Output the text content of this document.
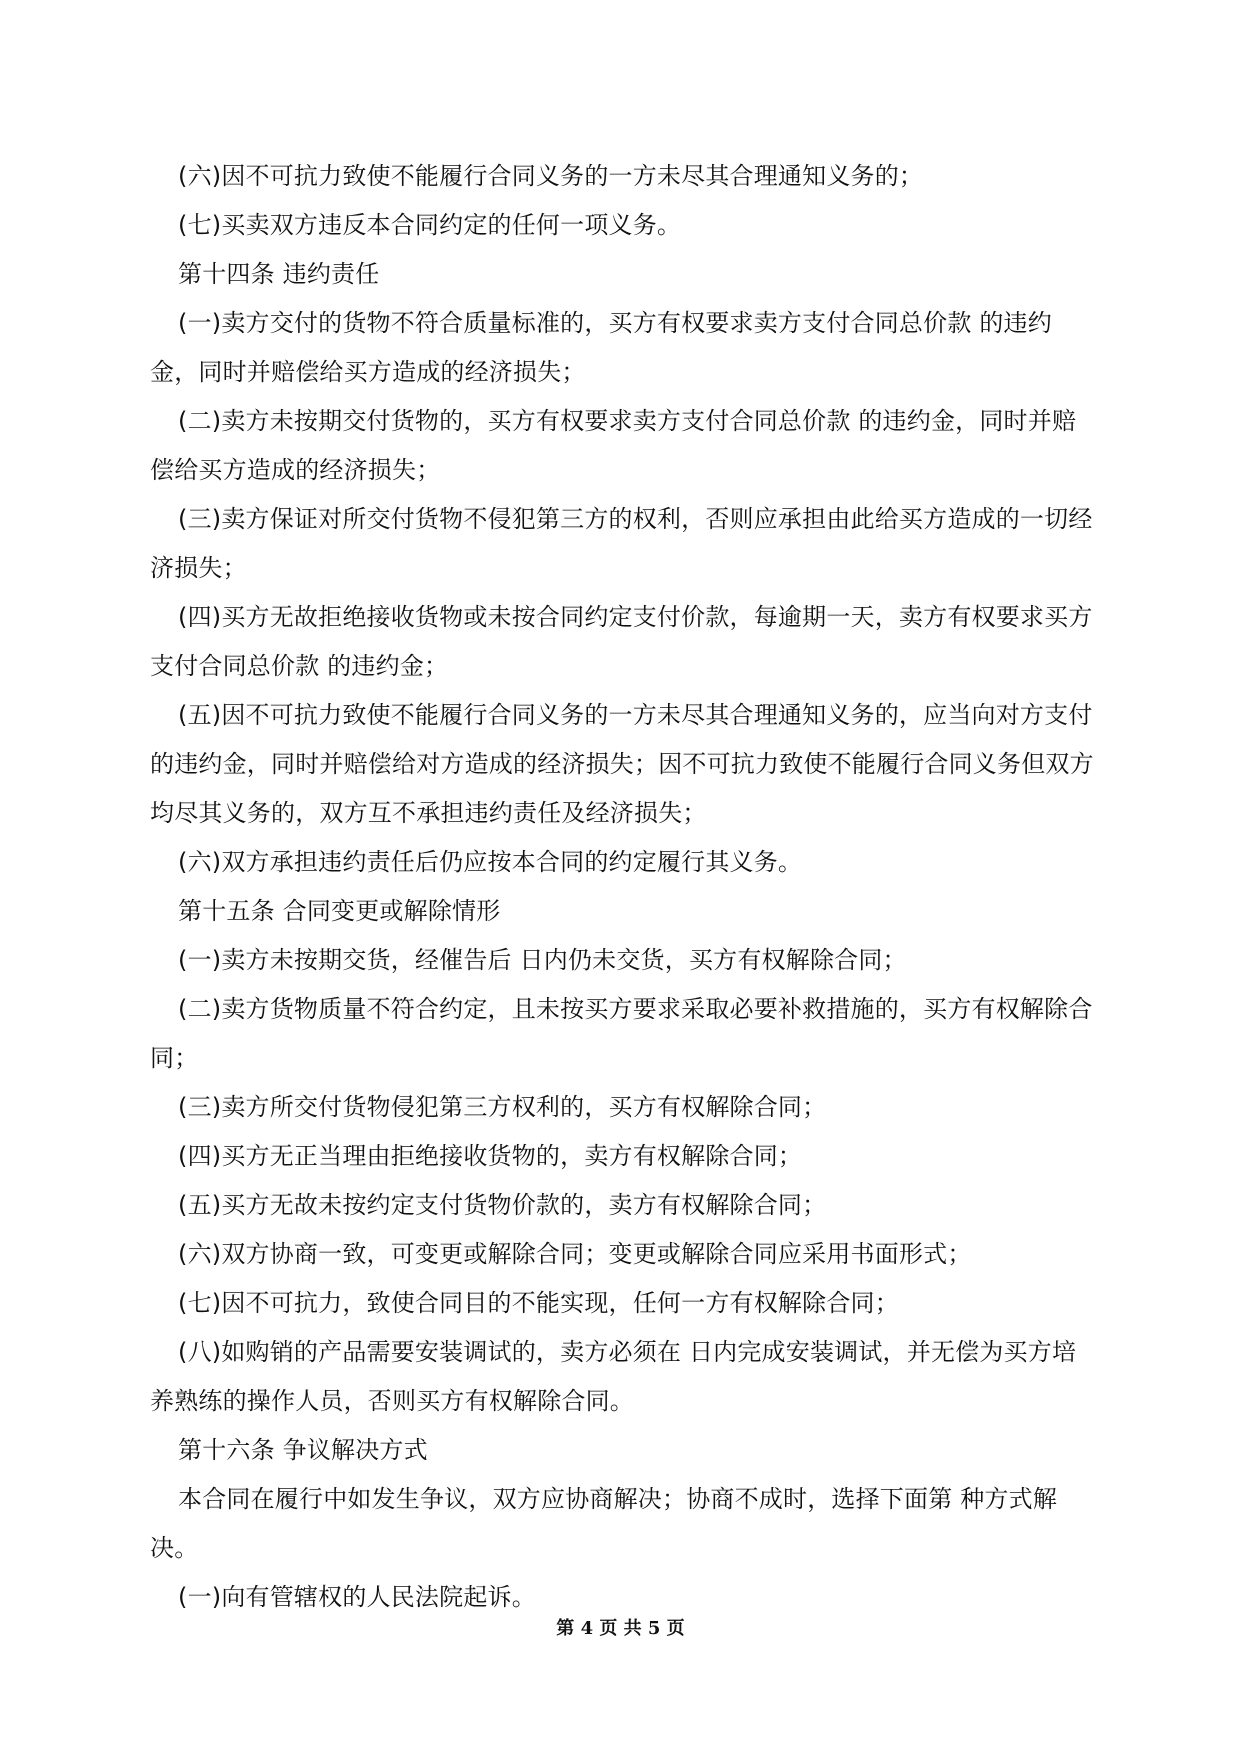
(六)因不可抗力致使不能履行合同义务的一方未尽其合理通知义务的；

(七)买卖双方违反本合同约定的任何一项义务。

第十四条 违约责任

(一)卖方交付的货物不符合质量标准的，买方有权要求卖方支付合同总价款 的违约金，同时并赔偿给买方造成的经济损失；

(二)卖方未按期交付货物的，买方有权要求卖方支付合同总价款 的违约金，同时并赔偿给买方造成的经济损失；

(三)卖方保证对所交付货物不侵犯第三方的权利，否则应承担由此给买方造成的一切经济损失；

(四)买方无故拒绝接收货物或未按合同约定支付价款，每逾期一天，卖方有权要求买方支付合同总价款 的违约金；

(五)因不可抗力致使不能履行合同义务的一方未尽其合理通知义务的，应当向对方支付 的违约金，同时并赔偿给对方造成的经济损失；因不可抗力致使不能履行合同义务但双方均尽其义务的，双方互不承担违约责任及经济损失；

(六)双方承担违约责任后仍应按本合同的约定履行其义务。

第十五条 合同变更或解除情形

(一)卖方未按期交货，经催告后 日内仍未交货，买方有权解除合同；

(二)卖方货物质量不符合约定，且未按买方要求采取必要补救措施的，买方有权解除合同；

(三)卖方所交付货物侵犯第三方权利的，买方有权解除合同；

(四)买方无正当理由拒绝接收货物的，卖方有权解除合同；

(五)买方无故未按约定支付货物价款的，卖方有权解除合同；

(六)双方协商一致，可变更或解除合同；变更或解除合同应采用书面形式；

(七)因不可抗力，致使合同目的不能实现，任何一方有权解除合同；

(八)如购销的产品需要安装调试的，卖方必须在 日内完成安装调试，并无偿为买方培养熟练的操作人员，否则买方有权解除合同。

第十六条 争议解决方式

本合同在履行中如发生争议，双方应协商解决；协商不成时，选择下面第 种方式解决。

(一)向有管辖权的人民法院起诉。

第 4 页 共 5 页
